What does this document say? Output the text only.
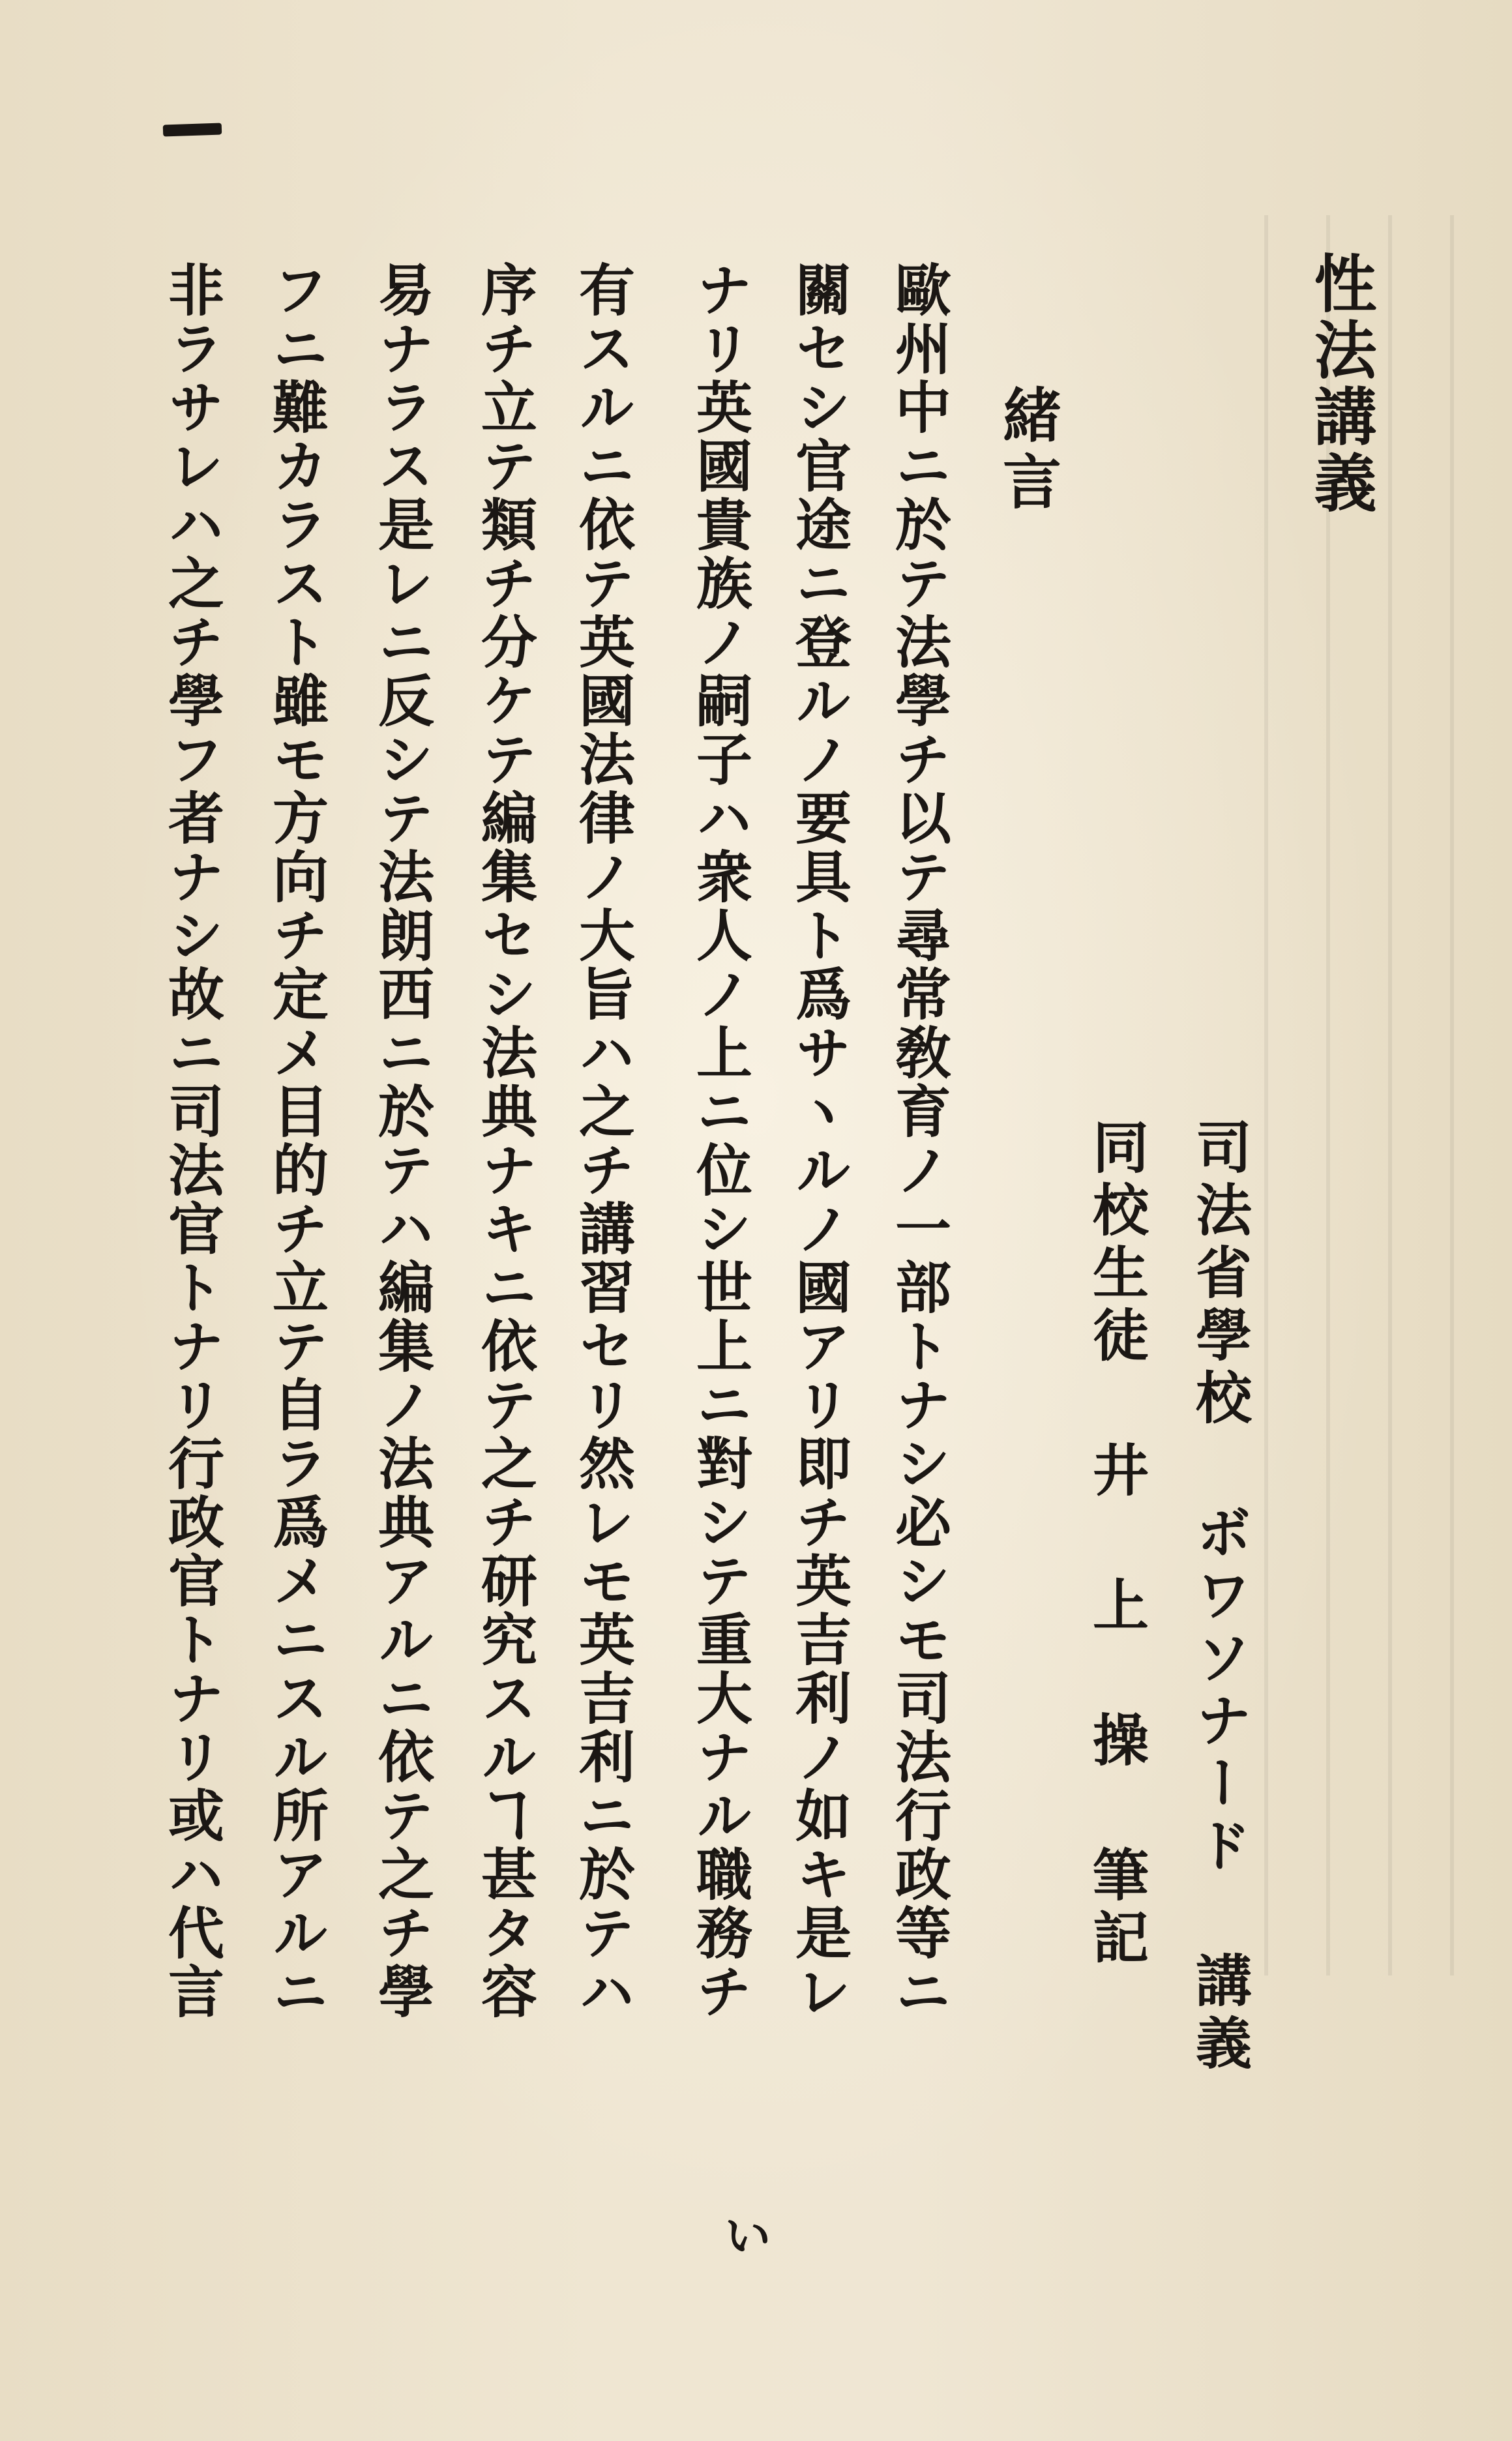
性法講義

司法省學校 ボワソナード 講義

同校生徒 井 上 操 筆記

緒言

歐州中ニ於テ法學チ以テ尋常敎育ノ一部トナシ必シモ司法行政等ニ

關セシ官途ニ登ルノ要具ト爲サヽルノ國アリ即チ英吉利ノ如キ是レ

ナリ英國貴族ノ嗣子ハ衆人ノ上ニ位シ世上ニ對シテ重大ナル職務チ

有スルニ依テ英國法律ノ大旨ハ之チ講習セリ然レモ英吉利ニ於テハ

序チ立テ類チ分ケテ編集セシ法典ナキニ依テ之チ研究スルヿ甚タ容

易ナラス是レニ反シテ法朗西ニ於テハ編集ノ法典アルニ依テ之チ學

フニ難カラスト雖モ方向チ定メ目的チ立テ自ラ爲メニスル所アルニ

非ラサレハ之チ學フ者ナシ故ニ司法官トナリ行政官トナリ或ハ代言

い
